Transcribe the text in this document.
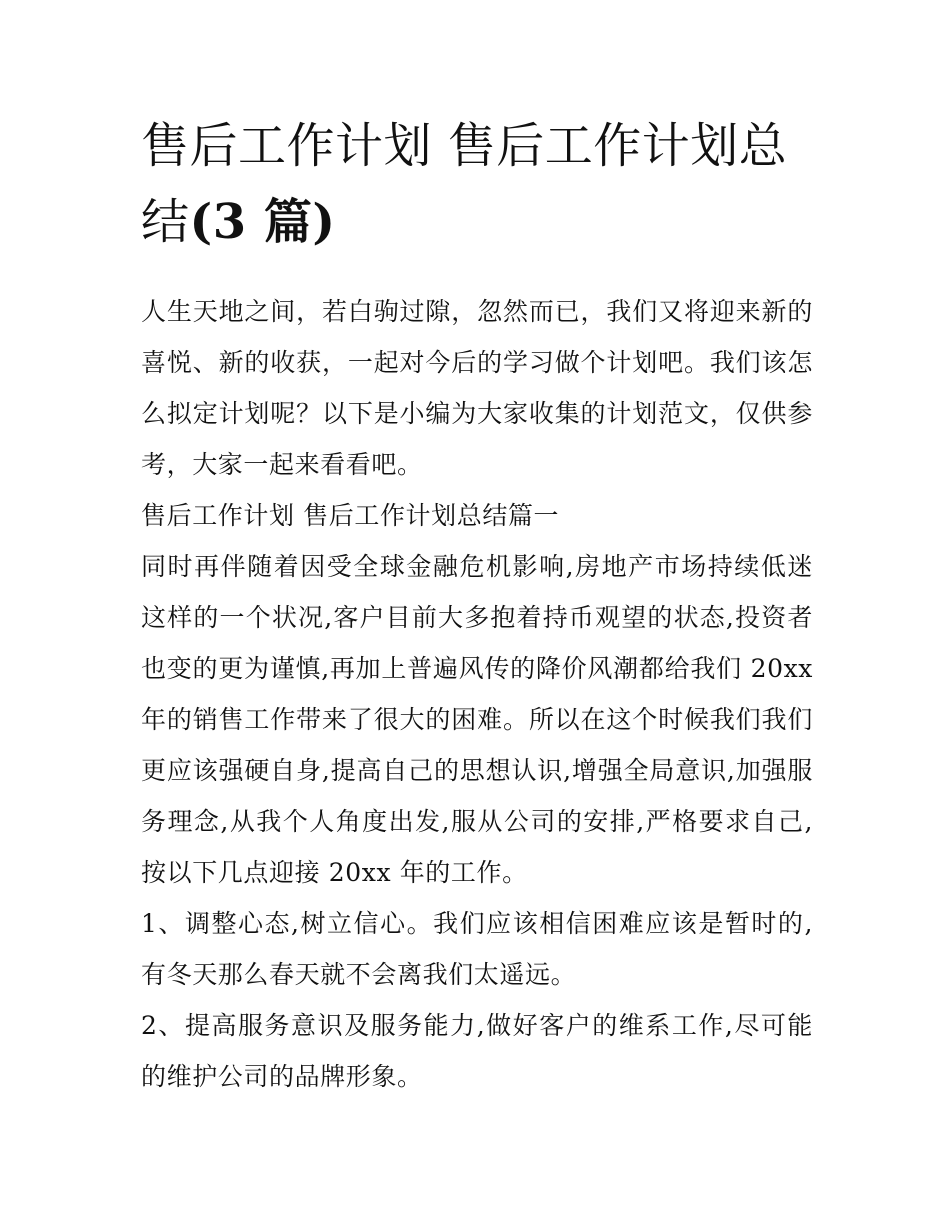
售后工作计划 售后工作计划总结(3 篇)

人生天地之间，若白驹过隙，忽然而已，我们又将迎来新的喜悦、新的收获，一起对今后的学习做个计划吧。我们该怎么拟定计划呢？以下是小编为大家收集的计划范文，仅供参考，大家一起来看看吧。

售后工作计划 售后工作计划总结篇一

同时再伴随着因受全球金融危机影响,房地产市场持续低迷这样的一个状况,客户目前大多抱着持币观望的状态,投资者也变的更为谨慎,再加上普遍风传的降价风潮都给我们 20xx 年的销售工作带来了很大的困难。所以在这个时候我们我们更应该强硬自身,提高自己的思想认识,增强全局意识,加强服务理念,从我个人角度出发,服从公司的安排,严格要求自己,按以下几点迎接 20xx 年的工作。

1、调整心态,树立信心。我们应该相信困难应该是暂时的,有冬天那么春天就不会离我们太遥远。

2、提高服务意识及服务能力,做好客户的维系工作,尽可能的维护公司的品牌形象。
